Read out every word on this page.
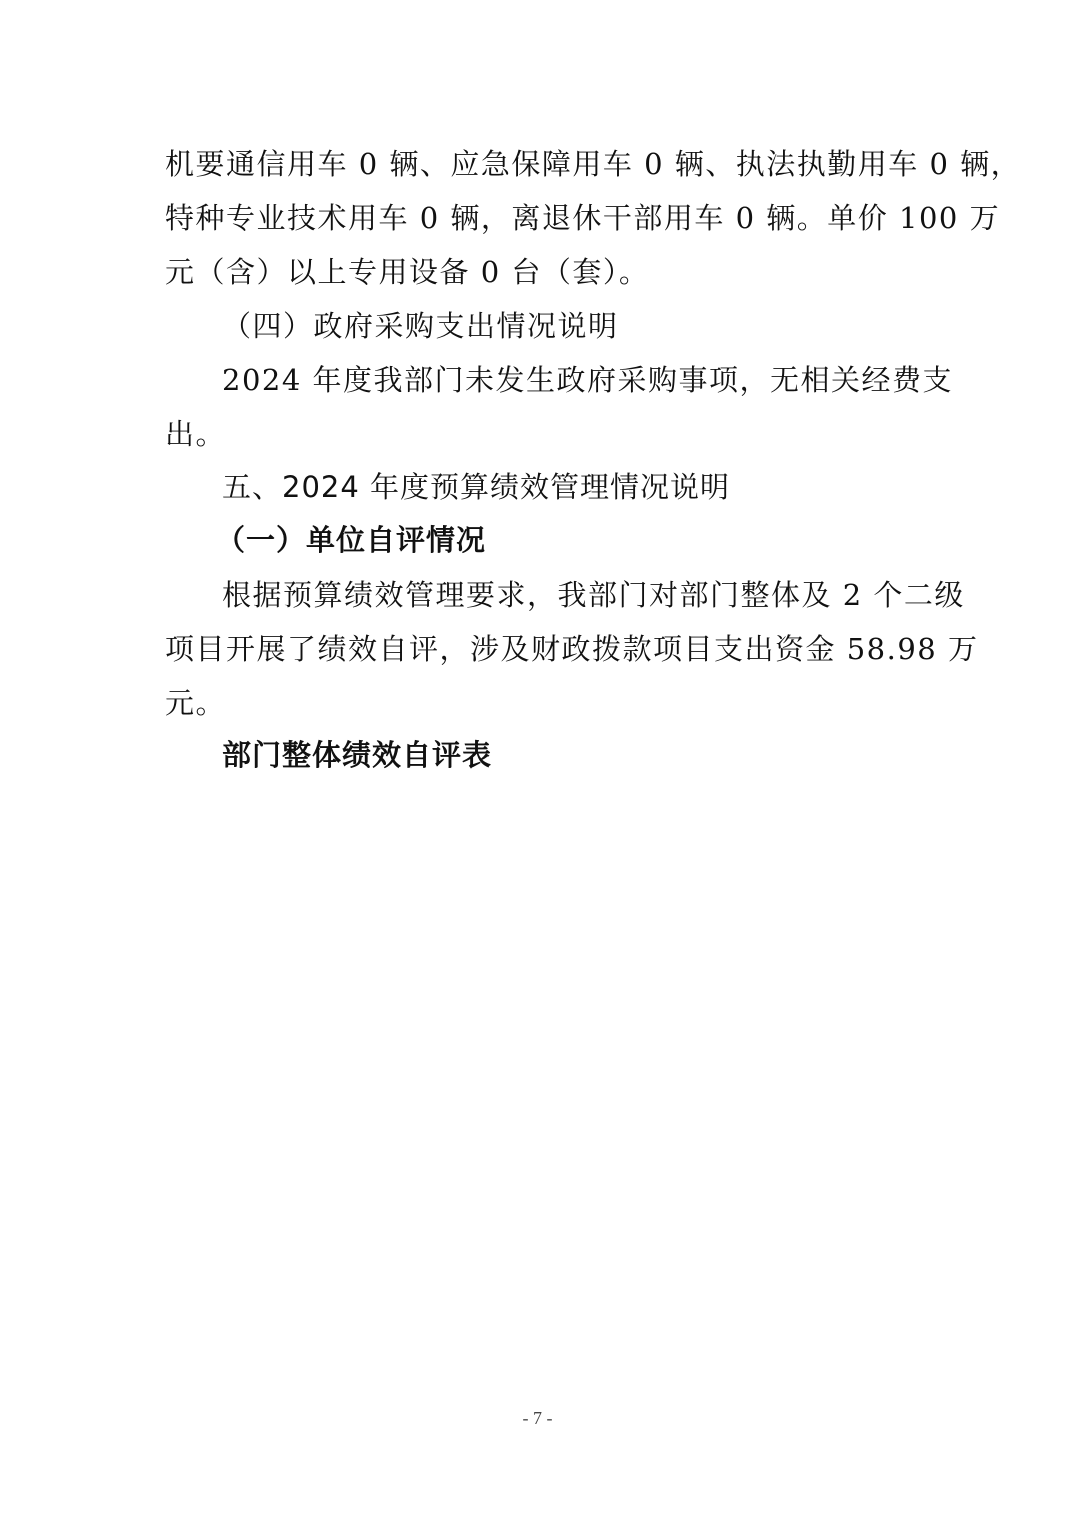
机要通信用车 0 辆、应急保障用车 0 辆、执法执勤用车 0 辆，
特种专业技术用车 0 辆，离退休干部用车 0 辆。单价 100 万
元（含）以上专用设备 0 台（套）。
（四）政府采购支出情况说明
2024 年度我部门未发生政府采购事项，无相关经费支
出。
五、2024 年度预算绩效管理情况说明
（一）单位自评情况
根据预算绩效管理要求，我部门对部门整体及 2 个二级
项目开展了绩效自评，涉及财政拨款项目支出资金 58.98 万
元。
部门整体绩效自评表
- 7 -
